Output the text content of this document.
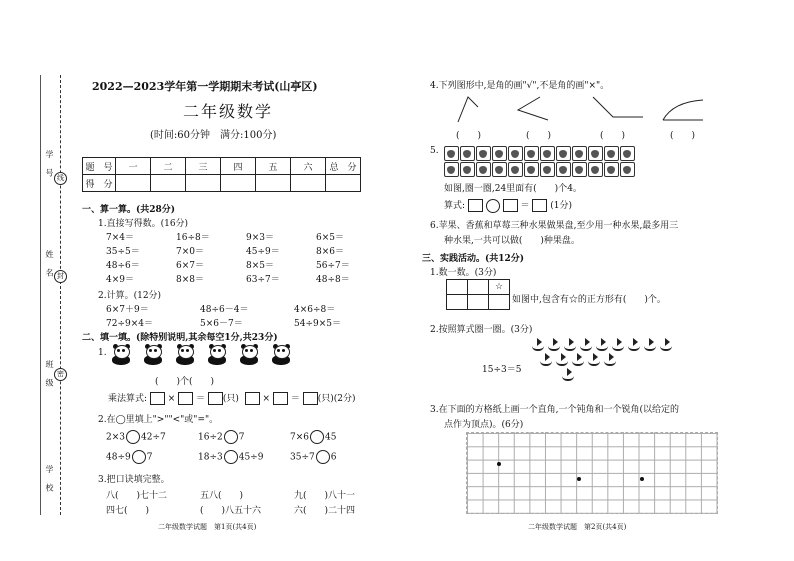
学 号
姓 名
班 级
学 校
线
封
密
2022—2023学年第一学期期末考试(山亭区)
二年级数学
(时间:60分钟　满分:100分)
题　号	一	二	三	四	五	六	总　分
得　分							
一、算一算。(共28分)
1.直接写得数。(16分)
7×4＝	16÷8＝	9×3＝	6×5＝
35÷5＝	7×0＝	45÷9＝	8×6＝
48÷6＝	6×7＝	8×5＝	56÷7＝
4×9＝	8×8＝	63÷7＝	48÷8＝
2.计算。(12分)
6×7＋9＝	48÷6－4＝	4×6÷8＝
72÷9×4＝	5×6－7＝	54÷9×5＝
二、填一填。(除特别说明,其余每空1分,共23分)
1.
(　　)个(　　)
乘法算式:  ×  ＝ (只)   ×  ＝ (只)(2分)
2.在◯里填上">""<"或"="。
2×3 42÷7	16÷2 7	7×6 45
48÷9 7	18÷3 45÷9	35÷7 6
3.把口诀填完整。
八(　　)七十二	五八(　　)	九(　　)八十一
四七(　　)	(　　)八五十六	六(　　)二十四
二年级数学试题　第1页(共4页)
4.下列图形中,是角的画"√",不是角的画"×"。
(　　)	(　　)	(　　)	(　　)
5.
如图,圈一圈,24里面有(　　)个4。
算式:	＝  (1分)
6.苹果、香蕉和草莓三种水果做果盘,至少用一种水果,最多用三
种水果,一共可以做(　　)种果盘。
三、实践活动。(共12分)
1.数一数。(3分)
		☆

如图中,包含有☆的正方形有(　　)个。
2.按照算式圈一圈。(3分)
15÷3＝5
3.在下面的方格纸上画一个直角,一个钝角和一个锐角(以给定的
点作为顶点)。(6分)
二年级数学试题　第2页(共4页)
